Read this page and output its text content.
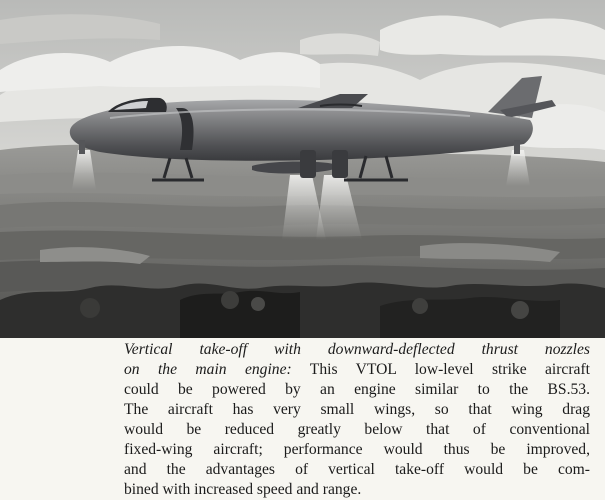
Vertical take-off with downward-deflected thrust nozzles
on the main engine: This VTOL low-level strike aircraft
could be powered by an engine similar to the BS.53.
The aircraft has very small wings, so that wing drag
would be reduced greatly below that of conventional
fixed-wing aircraft; performance would thus be improved,
and the advantages of vertical take-off would be com-
bined with increased speed and range.
